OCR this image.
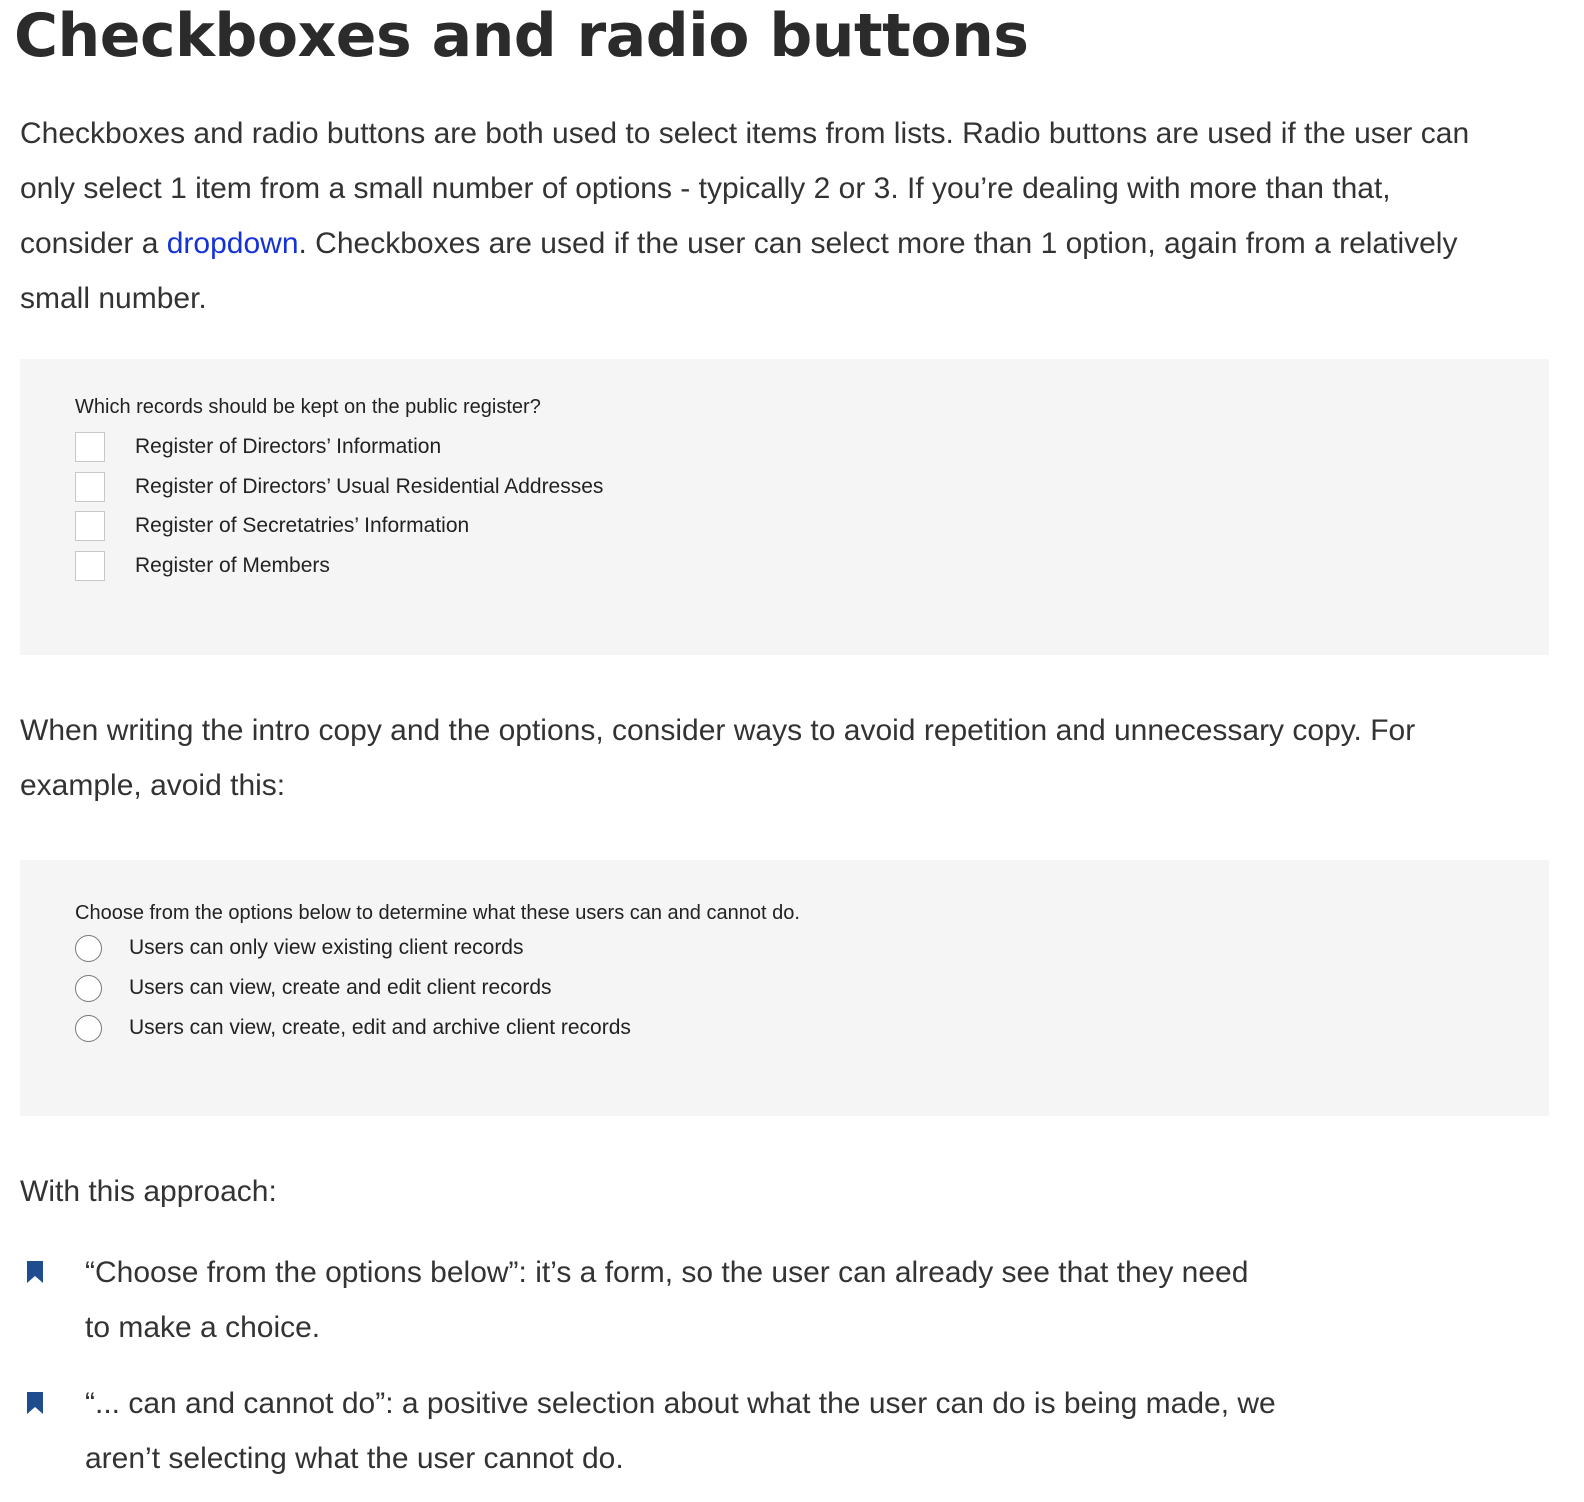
Checkboxes and radio buttons

Checkboxes and radio buttons are both used to select items from lists. Radio buttons are used if the user can
only select 1 item from a small number of options - typically 2 or 3. If you’re dealing with more than that,
consider a dropdown. Checkboxes are used if the user can select more than 1 option, again from a relatively
small number.

Which records should be kept on the public register?
Register of Directors’ Information
Register of Directors’ Usual Residential Addresses
Register of Secretatries’ Information
Register of Members

When writing the intro copy and the options, consider ways to avoid repetition and unnecessary copy. For
example, avoid this:

Choose from the options below to determine what these users can and cannot do.
Users can only view existing client records
Users can view, create and edit client records
Users can view, create, edit and archive client records

With this approach:

“Choose from the options below”: it’s a form, so the user can already see that they need
to make a choice.

“... can and cannot do”: a positive selection about what the user can do is being made, we
aren’t selecting what the user cannot do.
